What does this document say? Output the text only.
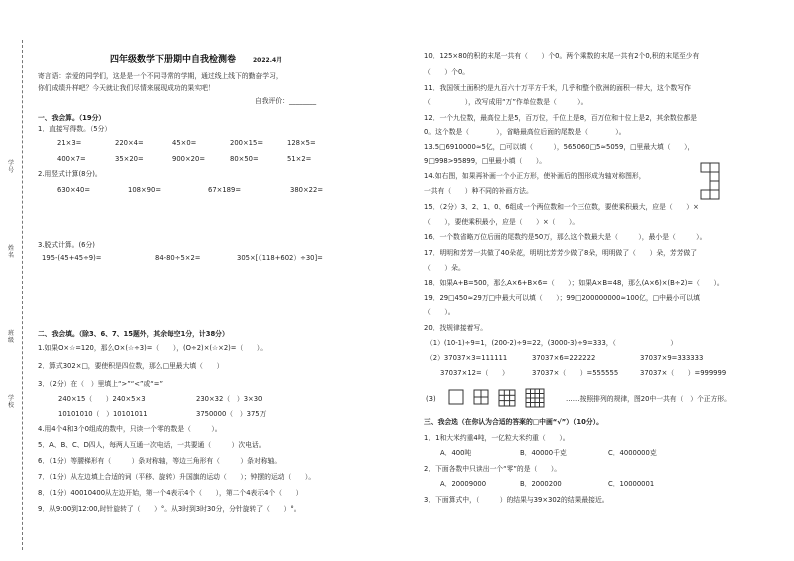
学号
姓名
班级
学校
四年级数学下册期中自我检测卷	2022.4月
寄言语：亲爱的同学们，这是是一个不同寻常的学期，通过线上线下的勤奋学习，
你们成绩升样吧？今天就让我们尽情来展现成功的果实吧！
自我评价：________
一、我会算。（19分）
1．直接写得数。（5分）
21×3=	220×4=	45×0=	200×15=	128×5=
400×7=	35×20=	900×20=	80×50=	51×2=
2.用竖式计算(8分)。
630×40=	108×90=	67×189=	380×22=
3.脱式计算。(6分)
195-(45+45÷9)=	84-80÷5×2=	305×[（118+602）÷30]=
二、我会填。（除3、6、7、15题外，其余每空1分，计38分）
1.如果O×☆=120，那么O×(☆÷3)=（　　），(O÷2)×(☆×2)=（　　）。
2．算式302×□，要使积是四位数，那么□里最大填（　　）
3．（2分）在（　）里填上“>”“<”或“=”
240×15（　　）240×5×3	230×32（　）3×30
10101010（　）10101011	3750000（　）375万
4.用4个4和3个0组成的数中，只读一个零的数是（　　　）。
5．A、B、C、D四人，每两人互通一次电话，一共要通（　　　）次电话。
6．（1分）等腰梯形有（　　　）条对称轴，等边三角形有（　　　）条对称轴。
7．（1分）从左边填上合适的词（平移、旋转）升国旗的运动（　　）；钟摆的运动（　　）。
8．（1分）40010400从左边开始，第一个4表示4个（　　），第二个4表示4个（　　）
9．从9:00到12:00,时针旋转了（　　）°。从3时到3时30分，分针旋转了（　　）°。
10．125×80的积的末尾一共有（　　）个0。两个乘数的末尾一共有2个0,积的末尾至少有
（　　）个0。
11．我国领土面积约是九百六十万平方千米，几乎和整个欧洲的面积一样大，这个数写作
（　　　　　），改写成用“万”作单位数是（　　　）。
12．一个九位数，最高位上是5，百万位，千位上是8，百万位和十位上是2，其余数位都是
0。这个数是（　　　　），省略最高位后面的尾数是（　　　　）。
13.5□6910000≈5亿，□可以填（　　　），565060□5≈5059，□里最大填（　　），
9□998>95899，□里最小填（　　）。
14.如右图，如果再补画一个小正方形，使补画后的图形成为轴对称图形，
一共有（　　）种不同的补画方法。
15．（2分）3、2、1、0、6组成一个两位数和一个三位数，要使乘积最大，应是（　　）×
（　　），要使乘积最小，应是（　　）×（　　）。
16．一个数省略万位后面的尾数约是50万，那么这个数最大是（　　　），最小是（　　　）。
17．明明和芳芳一共做了40朵花，明明比芳芳少做了8朵，明明做了（　　）朵，芳芳做了
（　　）朵。
18．如果A+B=500，那么A×6+B×6=（　　）；如果A×B=48，那么(A×6)×(B÷2)=（　　）。
19．29□450≈29万□中最大可以填（　　）；99□200000000≈100亿，□中最小可以填
（　　）。
20．找规律接着写。
（1）(10-1)÷9=1，(200-2)÷9=22，(3000-3)÷9=333，（　　　　　　　　）
（2）37037×3=111111	37037×6=222222	37037×9=333333
37037×12=（　　）	37037×（　　）=555555	37037×（　　）=999999
(3)	……按照排列的规律，图20中一共有（　）个正方形。
三、我会选（在你认为合适的答案的□中画“√”）（10分）。
1．1和大米约重4吨，一亿粒大米约重（　　）。
A．400吨	B．40000千克	C．4000000克
2．下面各数中只读出一个“零”的是（　　）。
A．20009000	B．2000200	C．10000001
3．下面算式中，（　　　）的结果与39×302的结果最接近。
